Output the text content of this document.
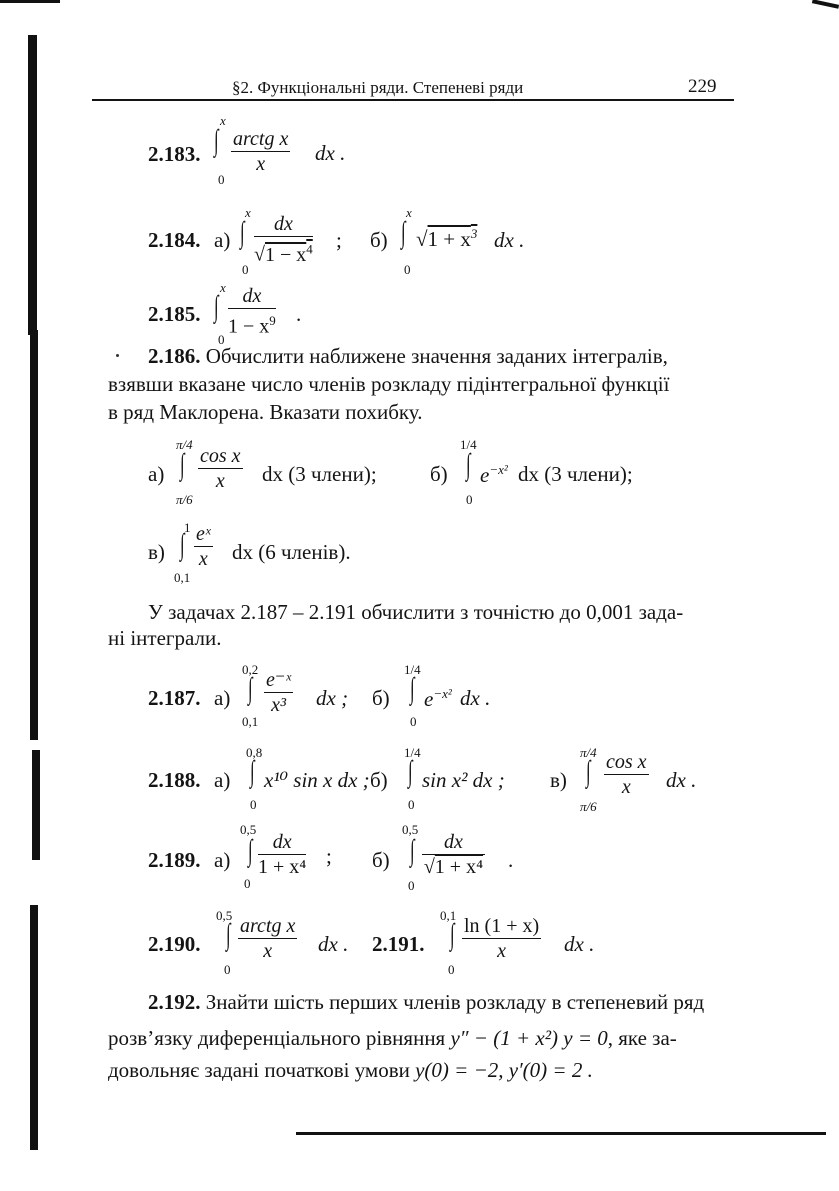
§2. Функціональні ряди. Степеневі ряди	229
2.183.
x
∫
0
$\frac{\text{arctg x}}{x}$ dx .
2.184. а)
x
∫
0
$\frac{dx}{√1 - x^4}$ ; б)
x
∫
0
$√1 + x^3$ dx .
2.185.
x
∫
0
$\frac{dx}{1 - x^9}$ .
2.186. Обчислити наближене значення заданих інтегралів,
взявши вказане число членів розкладу підінтегральної функції
в ряд Маклорена. Вказати похибку.
а)
π/4
∫
π/6
$\frac{\text{cos x}}{x}$ dx (3 члени);	б)
1/4
∫
0
$e^{-x^2}$ dx (3 члени);
в)
1
∫
0,1
$\frac{\text{eˣ}}{x}$ dx (6 членів).
У задачах 2.187 – 2.191 обчислити з точністю до 0,001 зада-
ні інтеграли.
2.187. а)
0,2
∫
0,1
$\frac{\text{e⁻ˣ}}{\text{x³}}$ dx ; б)
1/4
∫
0
$e^{-x^2}$ dx .
2.188. а)
0,8
∫
0
x¹⁰ sin x dx ; б)
1/4
∫
0
sin x² dx ; в)
π/4
∫
π/6
$\frac{\text{cos x}}{x}$ dx .
2.189. а)
0,5
∫
0
$\frac{dx}{\text{1 + x⁴}}$ ; б)
0,5
∫
0
$\frac{dx}{\text{√1 + x⁴}}$ .
2.190.
0,5
∫
0
$\frac{\text{arctg x}}{x}$ dx . 2.191.
0,1
∫
0
$\frac{\ln (1 + x)}{x}$ dx .
2.192. Знайти шість перших членів розкладу в степеневий ряд
розв’язку диференціального рівняння y″ − (1 + x²) y = 0, яке за-
довольняє задані початкові умови y(0) = −2, y′(0) = 2 .
